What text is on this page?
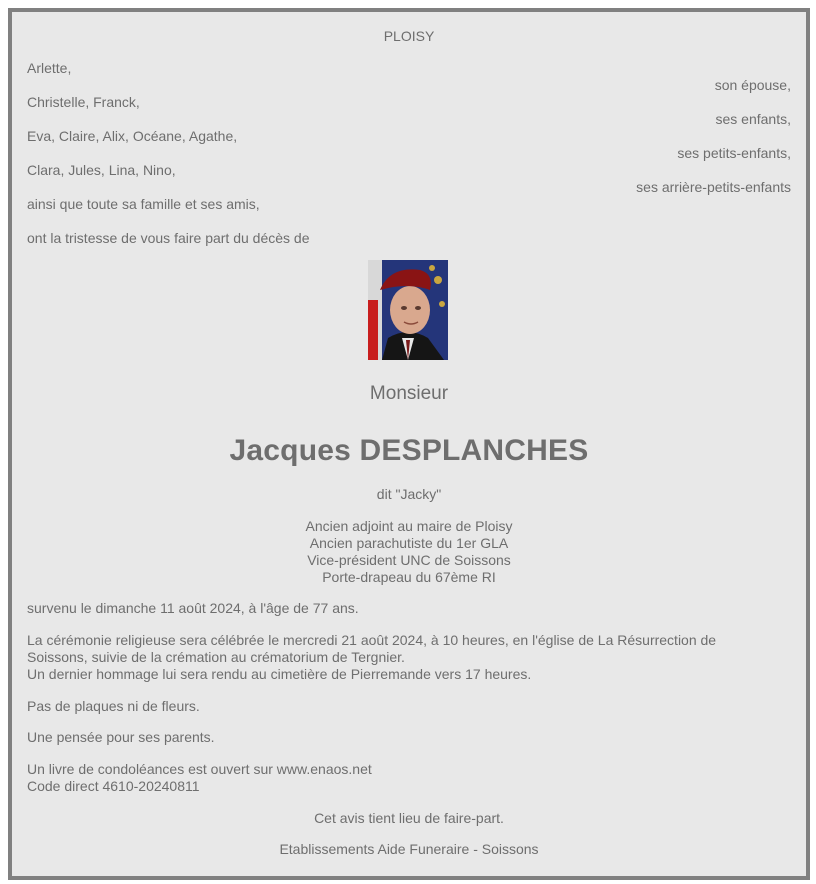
PLOISY
Arlette,
son épouse,
Christelle, Franck,
ses enfants,
Eva, Claire, Alix, Océane, Agathe,
ses petits-enfants,
Clara, Jules, Lina, Nino,
ses arrière-petits-enfants
ainsi que toute sa famille et ses amis,
ont la tristesse de vous faire part du décès de
Monsieur
Jacques DESPLANCHES
dit "Jacky"
Ancien adjoint au maire de Ploisy
Ancien parachutiste du 1er GLA
Vice-président UNC de Soissons
Porte-drapeau du 67ème RI
survenu le dimanche 11 août 2024, à l'âge de 77 ans.
La cérémonie religieuse sera célébrée le mercredi 21 août 2024, à 10 heures, en l'église de La Résurrection de
Soissons, suivie de la crémation au crématorium de Tergnier.
Un dernier hommage lui sera rendu au cimetière de Pierremande vers 17 heures.
Pas de plaques ni de fleurs.
Une pensée pour ses parents.
Un livre de condoléances est ouvert sur www.enaos.net
Code direct 4610-20240811
Cet avis tient lieu de faire-part.
Etablissements Aide Funeraire - Soissons
